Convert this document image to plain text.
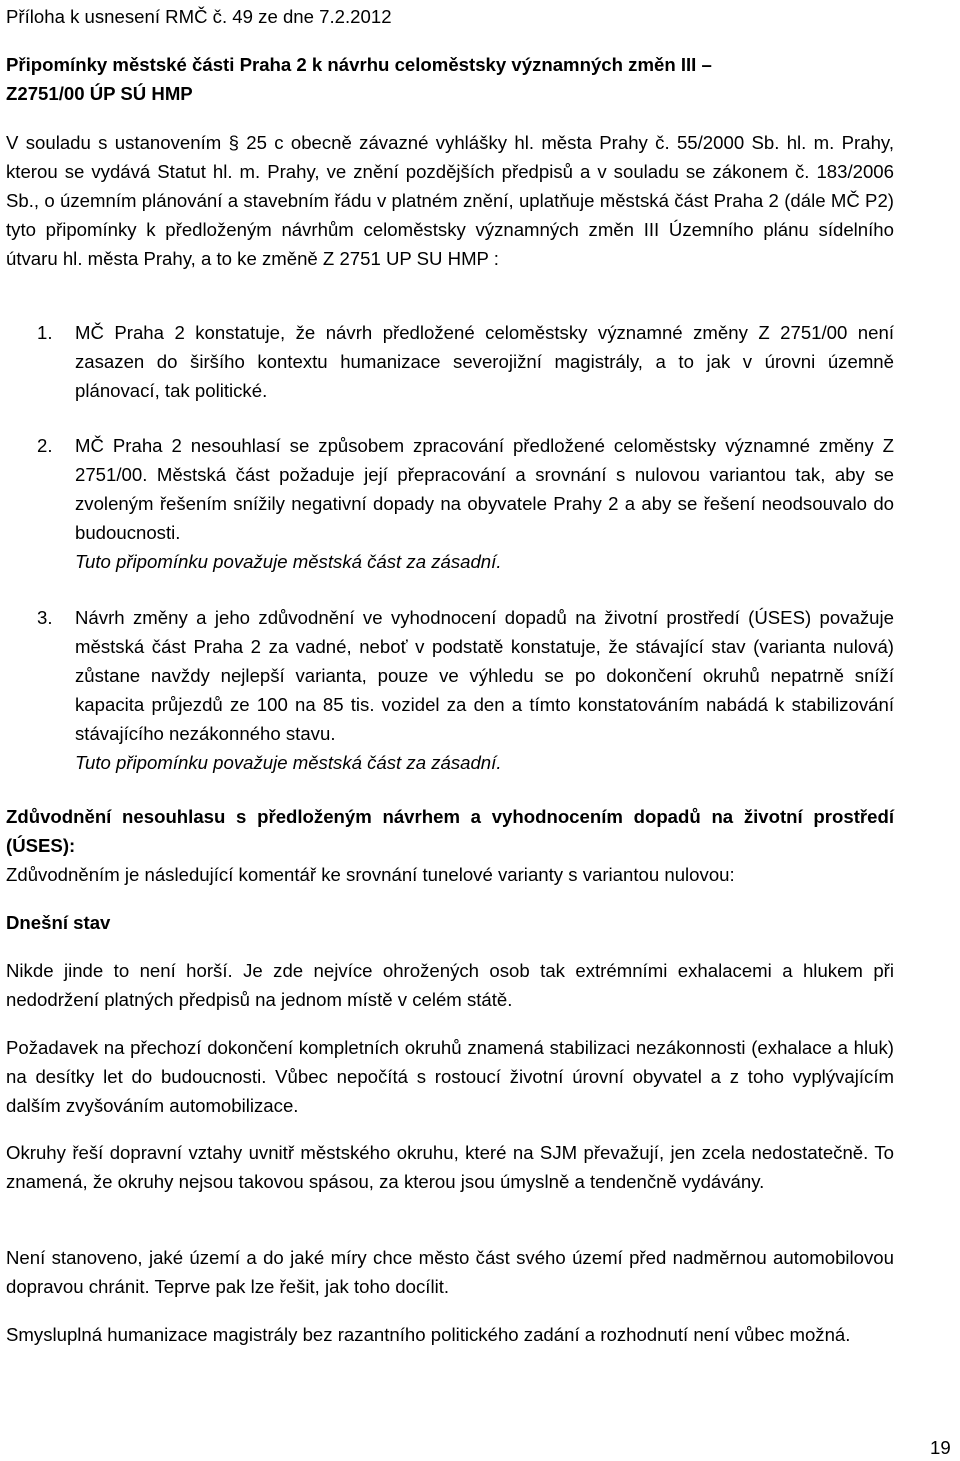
Příloha k usnesení RMČ č. 49 ze dne 7.2.2012

Připomínky městské části Praha 2 k návrhu celoměstsky významných změn III –

Z2751/00 ÚP SÚ HMP

V souladu s ustanovením § 25 c obecně závazné vyhlášky hl. města Prahy č. 55/2000 Sb. hl. m. Prahy, kterou se vydává Statut hl. m. Prahy, ve znění pozdějších předpisů a v souladu se zákonem č. 183/2006 Sb., o územním plánování a stavebním řádu v platném znění, uplatňuje městská část Praha 2 (dále MČ P2) tyto připomínky k předloženým návrhům celoměstsky významných změn III Územního plánu sídelního útvaru hl. města Prahy, a to ke změně Z 2751 UP SU HMP :

1. MČ Praha 2 konstatuje, že návrh předložené celoměstsky významné změny Z 2751/00 není zasazen do širšího kontextu humanizace severojižní magistrály, a to jak v úrovni územně plánovací, tak politické.

2. MČ Praha 2 nesouhlasí se způsobem zpracování předložené celoměstsky významné změny Z 2751/00. Městská část požaduje její přepracování a srovnání s nulovou variantou tak, aby se zvoleným řešením snížily negativní dopady na obyvatele Prahy 2 a aby se řešení neodsouvalo do budoucnosti.

Tuto připomínku považuje městská část za zásadní.

3. Návrh změny a jeho zdůvodnění ve vyhodnocení dopadů na životní prostředí (ÚSES) považuje městská část Praha 2 za vadné, neboť v podstatě konstatuje, že stávající stav (varianta nulová) zůstane navždy nejlepší varianta, pouze ve výhledu se po dokončení okruhů nepatrně sníží kapacita průjezdů ze 100 na 85 tis. vozidel za den a tímto konstatováním nabádá k stabilizování stávajícího nezákonného stavu.

Tuto připomínku považuje městská část za zásadní.

Zdůvodnění nesouhlasu s předloženým návrhem a vyhodnocením dopadů na životní prostředí (ÚSES):

Zdůvodněním je následující komentář ke srovnání tunelové varianty s variantou nulovou:

Dnešní stav

Nikde jinde to není horší. Je zde nejvíce ohrožených osob tak extrémními exhalacemi a hlukem při nedodržení platných předpisů na jednom místě v celém státě.

Požadavek na přechozí dokončení kompletních okruhů znamená stabilizaci nezákonnosti (exhalace a hluk) na desítky let do budoucnosti. Vůbec nepočítá s rostoucí životní úrovní obyvatel a z toho vyplývajícím dalším zvyšováním automobilizace.

Okruhy řeší dopravní vztahy uvnitř městského okruhu, které na SJM převažují, jen zcela nedostatečně. To znamená, že okruhy nejsou takovou spásou, za kterou jsou úmyslně a tendenčně vydávány.

Není stanoveno, jaké území a do jaké míry chce město část svého území před nadměrnou automobilovou dopravou chránit. Teprve pak lze řešit, jak toho docílit.

Smysluplná humanizace magistrály bez razantního politického zadání a rozhodnutí není vůbec možná.

19
